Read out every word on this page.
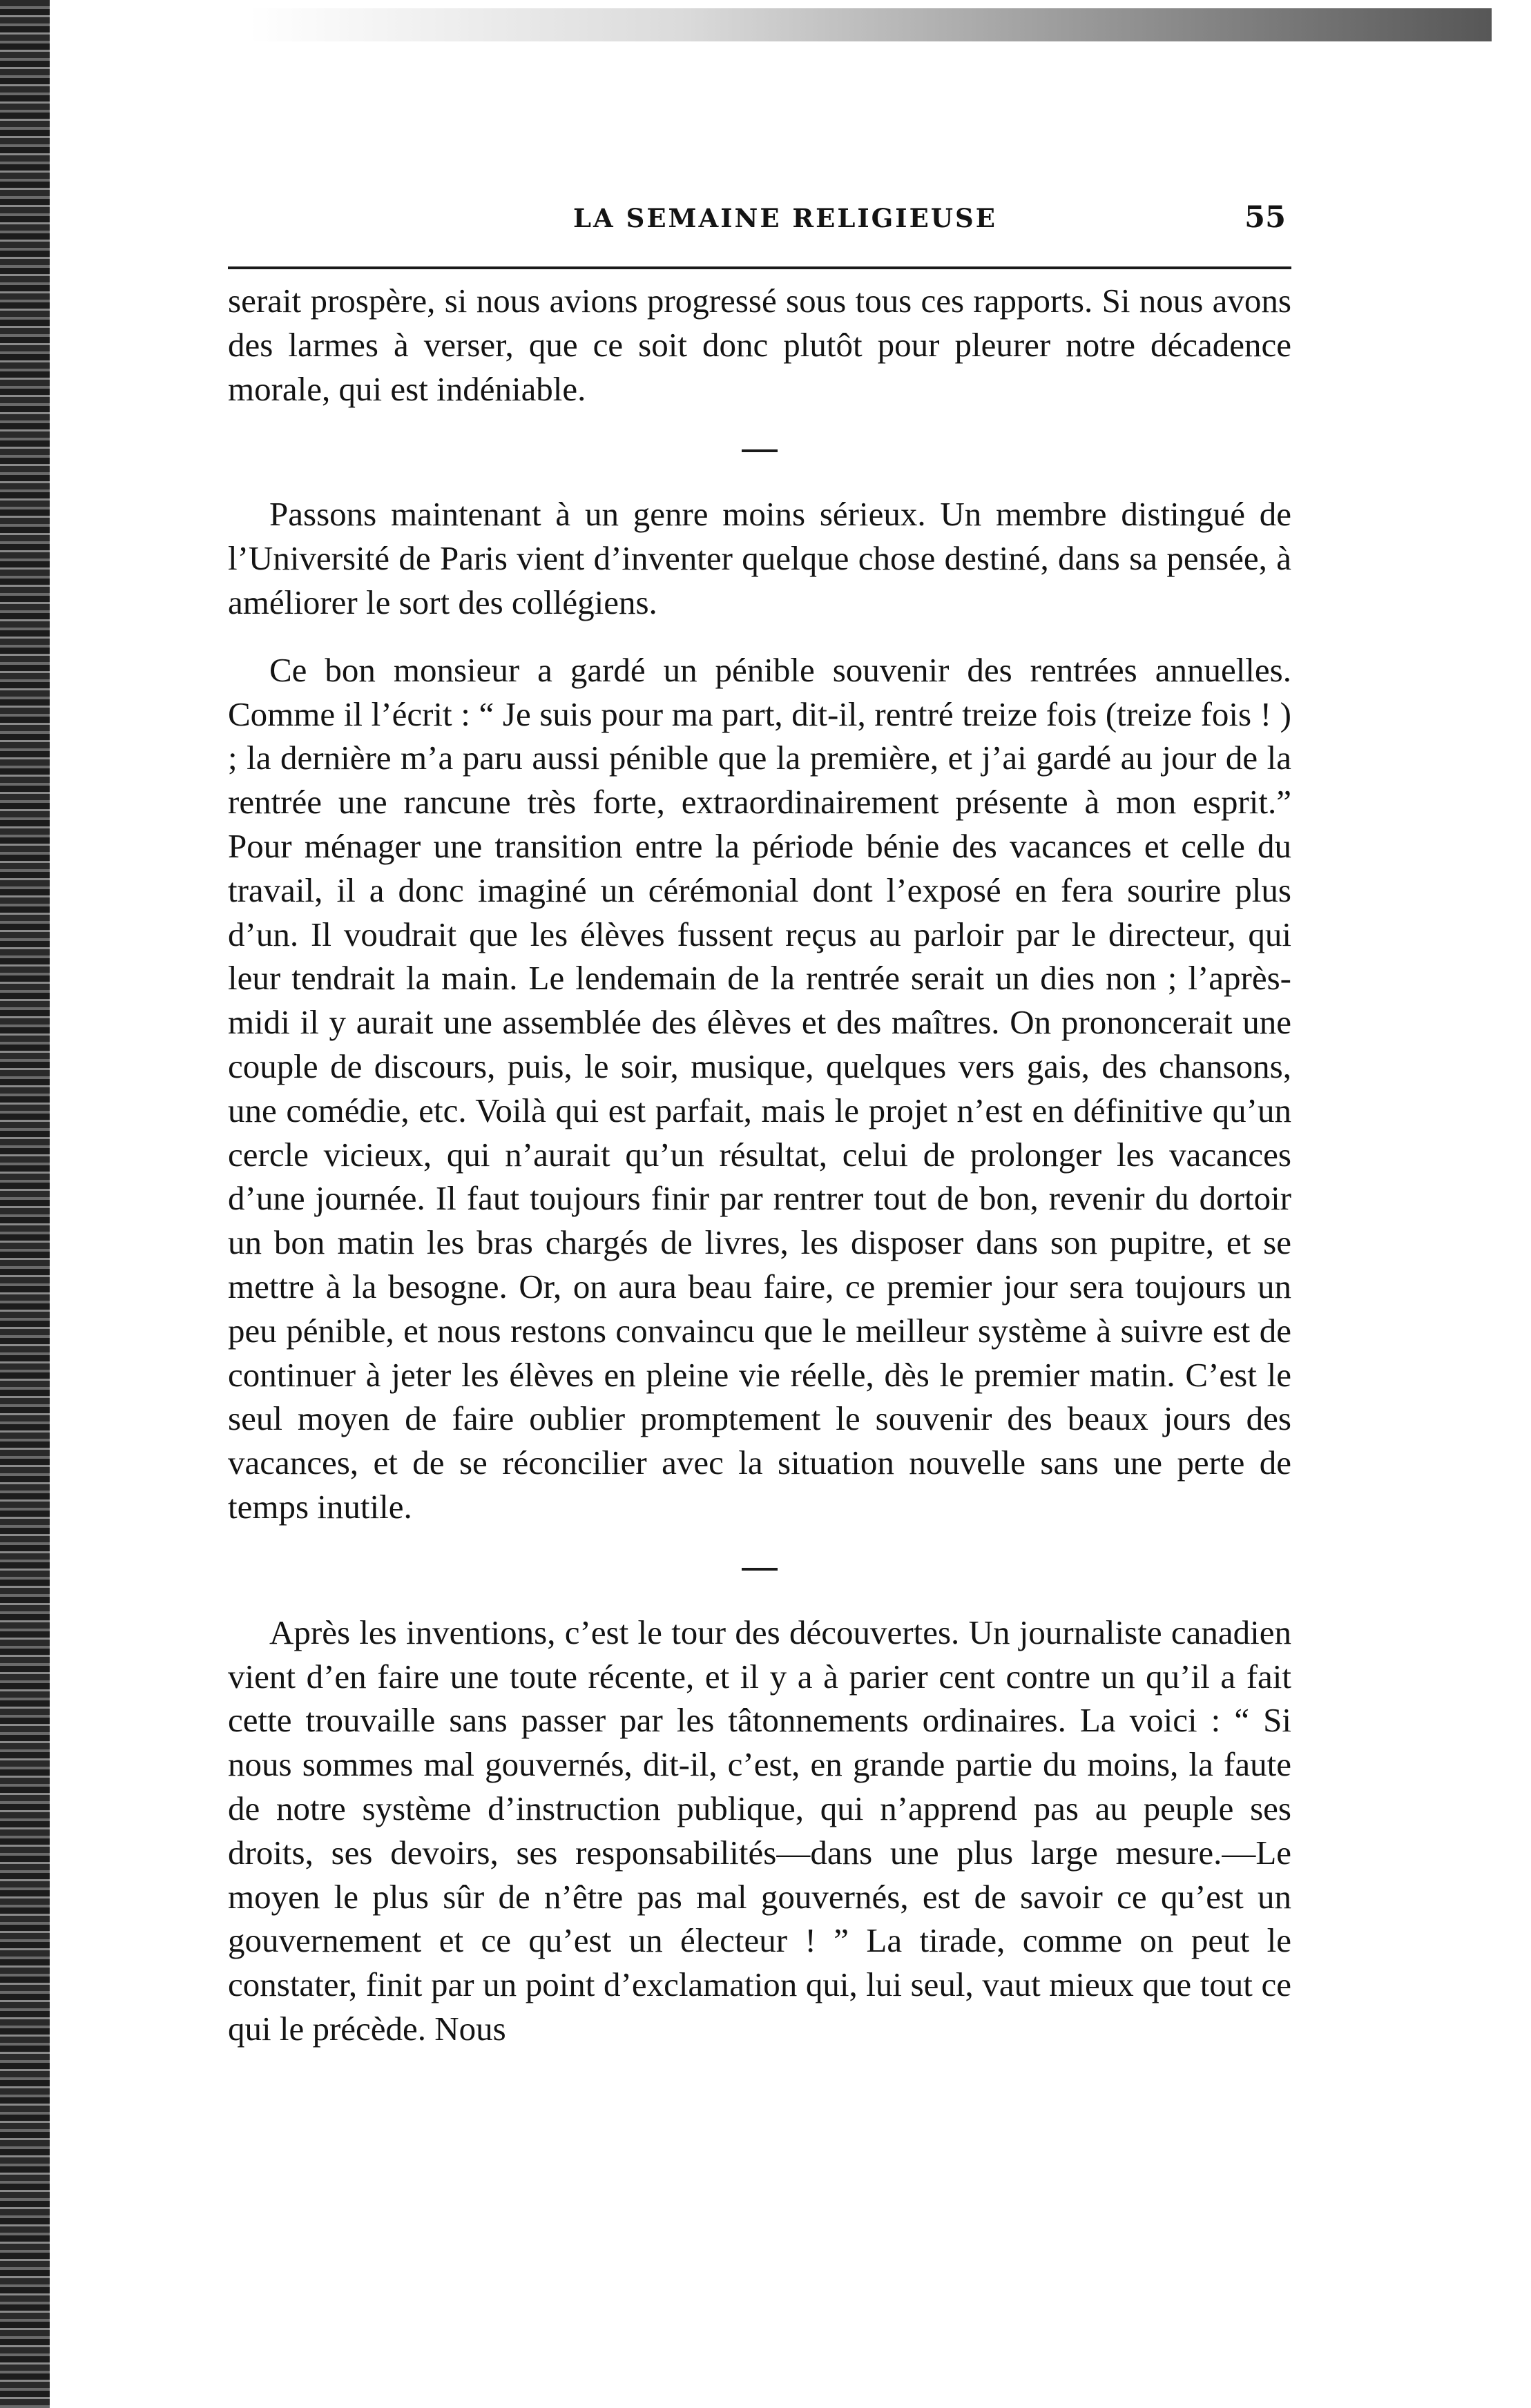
LA SEMAINE RELIGIEUSE	55

serait prospère, si nous avions progressé sous tous ces rapports. Si nous avons des larmes à verser, que ce soit donc plutôt pour pleurer notre décadence morale, qui est indéniable.

Passons maintenant à un genre moins sérieux. Un membre distingué de l’Université de Paris vient d’inventer quelque chose destiné, dans sa pensée, à améliorer le sort des collégiens.

Ce bon monsieur a gardé un pénible souvenir des rentrées annuelles. Comme il l’écrit : “ Je suis pour ma part, dit-il, rentré treize fois (treize fois ! ) ; la dernière m’a paru aussi pénible que la première, et j’ai gardé au jour de la rentrée une rancune très forte, extraordinairement présente à mon esprit.” Pour ménager une transition entre la période bénie des vacances et celle du travail, il a donc imaginé un cérémonial dont l’exposé en fera sourire plus d’un. Il voudrait que les élèves fussent reçus au parloir par le directeur, qui leur tendrait la main. Le lendemain de la rentrée serait un dies non ; l’après-midi il y aurait une assemblée des élèves et des maîtres. On prononcerait une couple de discours, puis, le soir, musique, quelques vers gais, des chansons, une comédie, etc. Voilà qui est parfait, mais le projet n’est en définitive qu’un cercle vicieux, qui n’aurait qu’un résultat, celui de prolonger les vacances d’une journée. Il faut toujours finir par rentrer tout de bon, revenir du dortoir un bon matin les bras chargés de livres, les disposer dans son pupitre, et se mettre à la besogne. Or, on aura beau faire, ce premier jour sera toujours un peu pénible, et nous restons convaincu que le meilleur système à suivre est de continuer à jeter les élèves en pleine vie réelle, dès le premier matin. C’est le seul moyen de faire oublier promptement le souvenir des beaux jours des vacances, et de se réconcilier avec la situation nouvelle sans une perte de temps inutile.

Après les inventions, c’est le tour des découvertes. Un journaliste canadien vient d’en faire une toute récente, et il y a à parier cent contre un qu’il a fait cette trouvaille sans passer par les tâtonnements ordinaires. La voici : “ Si nous sommes mal gouvernés, dit-il, c’est, en grande partie du moins, la faute de notre système d’instruction publique, qui n’apprend pas au peuple ses droits, ses devoirs, ses responsabilités—dans une plus large mesure.—Le moyen le plus sûr de n’être pas mal gouvernés, est de savoir ce qu’est un gouvernement et ce qu’est un électeur ! ” La tirade, comme on peut le constater, finit par un point d’exclamation qui, lui seul, vaut mieux que tout ce qui le précède. Nous
